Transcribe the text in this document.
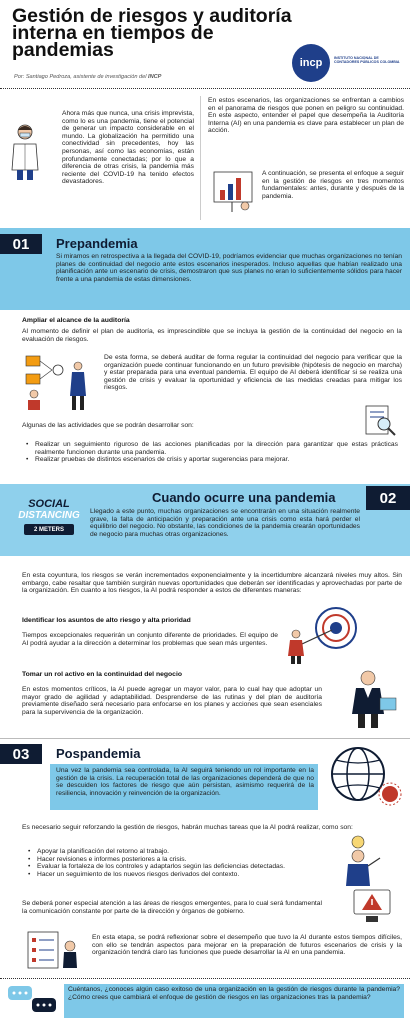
Gestión de riesgos y auditoría interna en tiempos de pandemias
Por: Santiago Pedroza, asistente de investigación del INCP
incp	INSTITUTO NACIONAL DE CONTADORES PÚBLICOS COLOMBIA
Ahora más que nunca, una crisis imprevista, como lo es una pandemia, tiene el potencial de generar un impacto considerable en el mundo. La globalización ha permitido una conectividad sin precedentes, hoy las personas, así como las economías, están profundamente conectadas; por lo que a diferencia de otras crisis, la pandemia más reciente del COVID-19 ha tenido efectos devastadores.
En estos escenarios, las organizaciones se enfrentan a cambios en el panorama de riesgos que ponen en peligro su continuidad. En este aspecto, entender el papel que desempeña la Auditoría Interna (AI) en una pandemia es clave para establecer un plan de acción.
A continuación, se presenta el enfoque a seguir en la gestión de riesgos en tres momentos fundamentales: antes, durante y después de la pandemia.
01	Prepandemia
Si miramos en retrospectiva a la llegada del COVID-19, podríamos evidenciar que muchas organizaciones no tenían planes de continuidad del negocio ante estos escenarios inesperados. Incluso aquellas que habían realizado una planificación ante un escenario de crisis, demostraron que sus planes no eran lo suficientemente sólidos para hacer frente a una pandemia de estas dimensiones.
Ampliar el alcance de la auditoría
Al momento de definir el plan de auditoría, es imprescindible que se incluya la gestión de la continuidad del negocio en la evaluación de riesgos.
De esta forma, se deberá auditar de forma regular la continuidad del negocio para verificar que la organización puede continuar funcionando en un futuro previsible (hipótesis de negocio en marcha) y estar preparada para una eventual pandemia. El equipo de AI deberá identificar si se realiza una gestión de crisis y evaluar la oportunidad y eficiencia de las medidas creadas para mitigar los riesgos.
Algunas de las actividades que se podrán desarrollar son:
• Realizar un seguimiento riguroso de las acciones planificadas por la dirección para garantizar que estas prácticas realmente funcionen durante una pandemia.
• Realizar pruebas de distintos escenarios de crisis y aportar sugerencias para mejorar.
SOCIAL
DISTANCING
2 METERS
Cuando ocurre una pandemia	02
Llegado a este punto, muchas organizaciones se encontrarán en una situación realmente grave, la falta de anticipación y preparación ante una crisis como esta hará perder el equilibrio del negocio. No obstante, las condiciones de la pandemia crearán oportunidades de negocio para muchas otras organizaciones.
En esta coyuntura, los riesgos se verán incrementados exponencialmente y la incertidumbre alcanzará niveles muy altos. Sin embargo, cabe resaltar que también surgirán nuevas oportunidades que deberán ser identificadas y aprovechadas por parte de la organización. En cuanto a los riesgos, la AI podrá responder a estos de diferentes maneras:
Identificar los asuntos de alto riesgo y alta prioridad
Tiempos excepcionales requerirán un conjunto diferente de prioridades. El equipo de AI podrá ayudar a la dirección a determinar los problemas que sean más urgentes.
Tomar un rol activo en la continuidad del negocio
En estos momentos críticos, la AI puede agregar un mayor valor, para lo cual hay que adoptar un mayor grado de agilidad y adaptabilidad. Desprenderse de las rutinas y del plan de auditoría previamente diseñado será necesario para enfocarse en los planes y acciones que sean esenciales para la supervivencia de la organización.
03	Pospandemia
Una vez la pandemia sea controlada, la AI seguirá teniendo un rol importante en la gestión de la crisis. La recuperación total de las organizaciones dependerá de que no se descuiden los factores de riesgo que aún persistan, asimismo requerirá de la resiliencia, innovación y reinvención de la organización.
Es necesario seguir reforzando la gestión de riesgos, habrán muchas tareas que la AI podrá realizar, como son:
• Apoyar la planificación del retorno al trabajo.
• Hacer revisiones e informes posteriores a la crisis.
• Evaluar la fortaleza de los controles y adaptarlos según las deficiencias detectadas.
• Hacer un seguimiento de los nuevos riesgos derivados del contexto.
Se deberá poner especial atención a las áreas de riesgos emergentes, para lo cual será fundamental la comunicación constante por parte de la dirección y órganos de gobierno.
En esta etapa, se podrá reflexionar sobre el desempeño que tuvo la AI durante estos tiempos difíciles, con ello se tendrán aspectos para mejorar en la preparación de futuros escenarios de crisis y la organización tendrá claro las funciones que puede desarrollar la AI en una pandemia.
Cuéntanos, ¿conoces algún caso exitoso de una organización en la gestión de riesgos durante la pandemia? ¿Cómo crees que cambiará el enfoque de gestión de riesgos en las organizaciones tras la pandemia?
